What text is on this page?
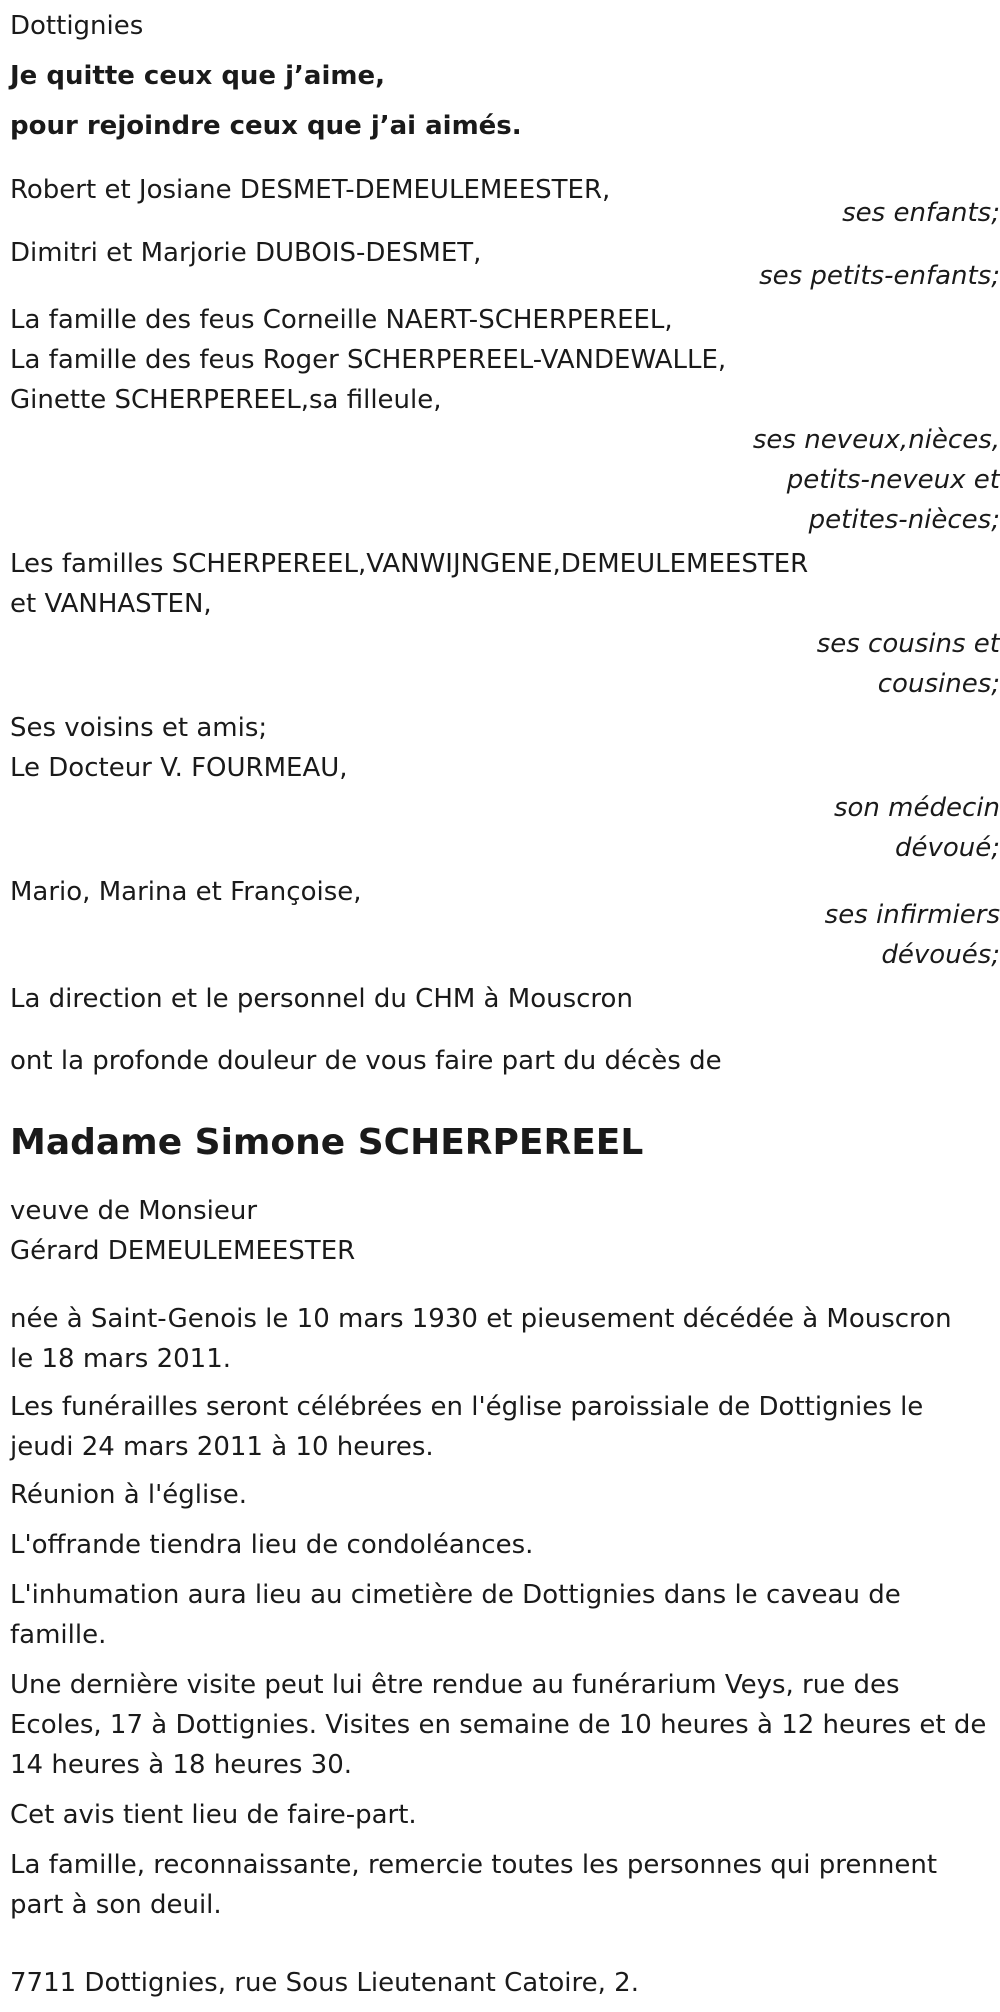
Dottignies
Je quitte ceux que j’aime,
pour rejoindre ceux que j’ai aimés.
Robert et Josiane DESMET-DEMEULEMEESTER,
ses enfants;
Dimitri et Marjorie DUBOIS-DESMET,
ses petits-enfants;
La famille des feus Corneille NAERT-SCHERPEREEL,
La famille des feus Roger SCHERPEREEL-VANDEWALLE,
Ginette SCHERPEREEL,sa filleule,
ses neveux,nièces,
petits-neveux et
petites-nièces;
Les familles SCHERPEREEL,VANWIJNGENE,DEMEULEMEESTER
et VANHASTEN,
ses cousins et
cousines;
Ses voisins et amis;
Le Docteur V. FOURMEAU,
son médecin
dévoué;
Mario, Marina et Françoise,
ses infirmiers
dévoués;
La direction et le personnel du CHM à Mouscron
ont la profonde douleur de vous faire part du décès de
Madame Simone SCHERPEREEL
veuve de Monsieur
Gérard DEMEULEMEESTER
née à Saint-Genois le 10 mars 1930 et pieusement décédée à Mouscron
le 18 mars 2011.
Les funérailles seront célébrées en l'église paroissiale de Dottignies le
jeudi 24 mars 2011 à 10 heures.
Réunion à l'église.
L'offrande tiendra lieu de condoléances.
L'inhumation aura lieu au cimetière de Dottignies dans le caveau de
famille.
Une dernière visite peut lui être rendue au funérarium Veys, rue des
Ecoles, 17 à Dottignies. Visites en semaine de 10 heures à 12 heures et de
14 heures à 18 heures 30.
Cet avis tient lieu de faire-part.
La famille, reconnaissante, remercie toutes les personnes qui prennent
part à son deuil.
7711 Dottignies, rue Sous Lieutenant Catoire, 2.
